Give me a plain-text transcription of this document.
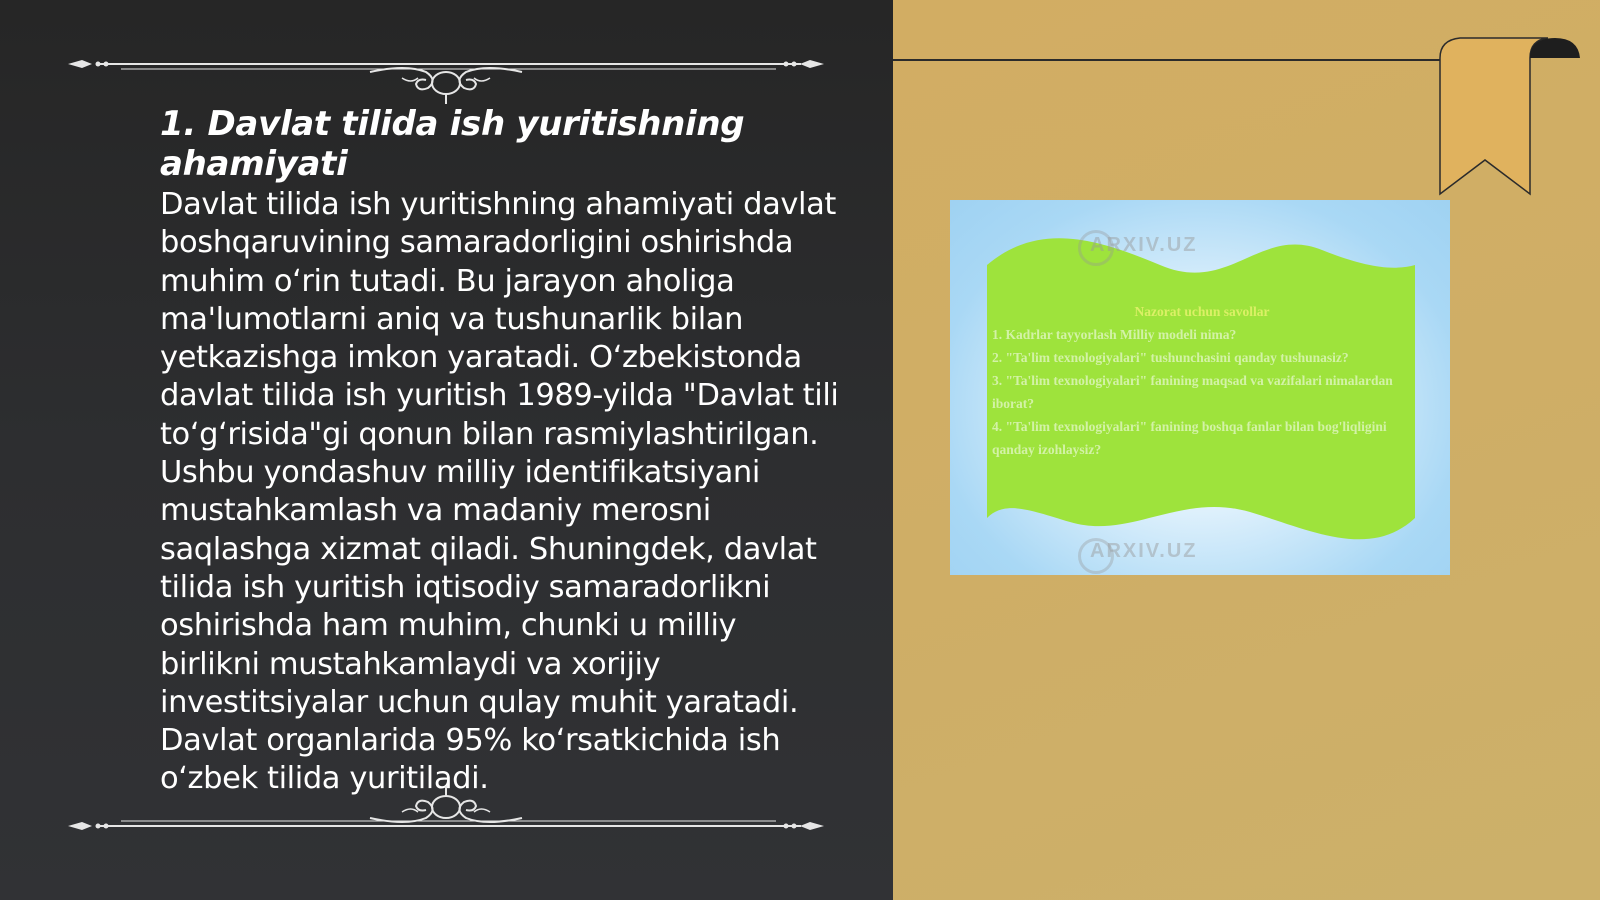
1. Davlat tilida ish yuritishning ahamiyati

Davlat tilida ish yuritishning ahamiyati davlat boshqaruvining samaradorligini oshirishda muhim o‘rin tutadi. Bu jarayon aholiga ma'lumotlarni aniq va tushunarlik bilan yetkazishga imkon yaratadi. O‘zbekistonda davlat tilida ish yuritish 1989-yilda "Davlat tili to‘g‘risida"gi qonun bilan rasmiylashtirilgan. Ushbu yondashuv milliy identifikatsiyani mustahkamlash va madaniy merosni saqlashga xizmat qiladi. Shuningdek, davlat tilida ish yuritish iqtisodiy samaradorlikni oshirishda ham muhim, chunki u milliy birlikni mustahkamlaydi va xorijiy investitsiyalar uchun qulay muhit yaratadi. Davlat organlarida 95% ko‘rsatkichida ish o‘zbek tilida yuritiladi.

ARXIV.UZ
ARXIV.UZ
Nazorat uchun savollar
1. Kadrlar tayyorlash Milliy modeli nima?
2. "Ta'lim texnologiyalari" tushunchasini qanday tushunasiz?
3. "Ta'lim texnologiyalari" fanining maqsad va vazifalari nimalardan iborat?
4. "Ta'lim texnologiyalari" fanining boshqa fanlar bilan bog'liqligini qanday izohlaysiz?
